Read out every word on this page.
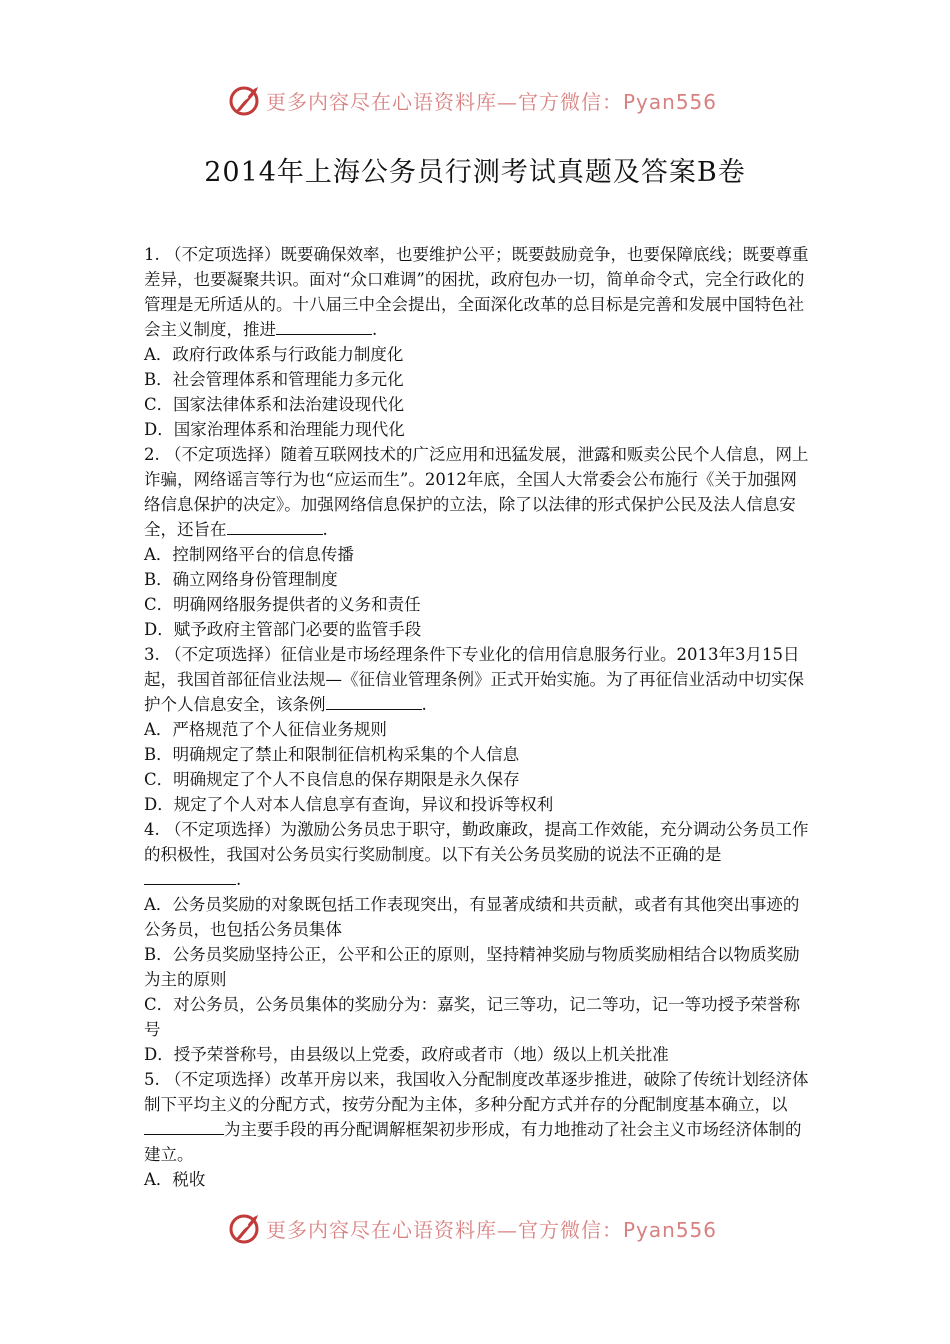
更多内容尽在心语资料库—官方微信：Pyan556
2014年上海公务员行测考试真题及答案B卷

1. （不定项选择）既要确保效率，也要维护公平；既要鼓励竞争，也要保障底线；既要尊重差异，也要凝聚共识。面对“众口难调”的困扰，政府包办一切，简单命令式，完全行政化的管理是无所适从的。十八届三中全会提出，全面深化改革的总目标是完善和发展中国特色社会主义制度，推进	.

A．政府行政体系与行政能力制度化

B．社会管理体系和管理能力多元化

C．国家法律体系和法治建设现代化

D．国家治理体系和治理能力现代化

2. （不定项选择）随着互联网技术的广泛应用和迅猛发展，泄露和贩卖公民个人信息，网上诈骗，网络谣言等行为也“应运而生”。2012年底，全国人大常委会公布施行《关于加强网络信息保护的决定》。加强网络信息保护的立法，除了以法律的形式保护公民及法人信息安全，还旨在	.

A．控制网络平台的信息传播

B．确立网络身份管理制度

C．明确网络服务提供者的义务和责任

D．赋予政府主管部门必要的监管手段

3. （不定项选择）征信业是市场经理条件下专业化的信用信息服务行业。2013年3月15日起，我国首部征信业法规—《征信业管理条例》正式开始实施。为了再征信业活动中切实保护个人信息安全，该条例	.

A．严格规范了个人征信业务规则

B．明确规定了禁止和限制征信机构采集的个人信息

C．明确规定了个人不良信息的保存期限是永久保存

D．规定了个人对本人信息享有查询，异议和投诉等权利

4. （不定项选择）为激励公务员忠于职守，勤政廉政，提高工作效能，充分调动公务员工作的积极性，我国对公务员实行奖励制度。以下有关公务员奖励的说法不正确的是.

A．公务员奖励的对象既包括工作表现突出，有显著成绩和共贡献，或者有其他突出事迹的公务员，也包括公务员集体

B．公务员奖励坚持公正，公平和公正的原则，坚持精神奖励与物质奖励相结合以物质奖励为主的原则

C．对公务员，公务员集体的奖励分为：嘉奖，记三等功，记二等功，记一等功授予荣誉称号

D．授予荣誉称号，由县级以上党委，政府或者市（地）级以上机关批准

5. （不定项选择）改革开房以来，我国收入分配制度改革逐步推进，破除了传统计划经济体制下平均主义的分配方式，按劳分配为主体，多种分配方式并存的分配制度基本确立，以为主要手段的再分配调解框架初步形成，有力地推动了社会主义市场经济体制的建立。

A．税收

更多内容尽在心语资料库—官方微信：Pyan556
